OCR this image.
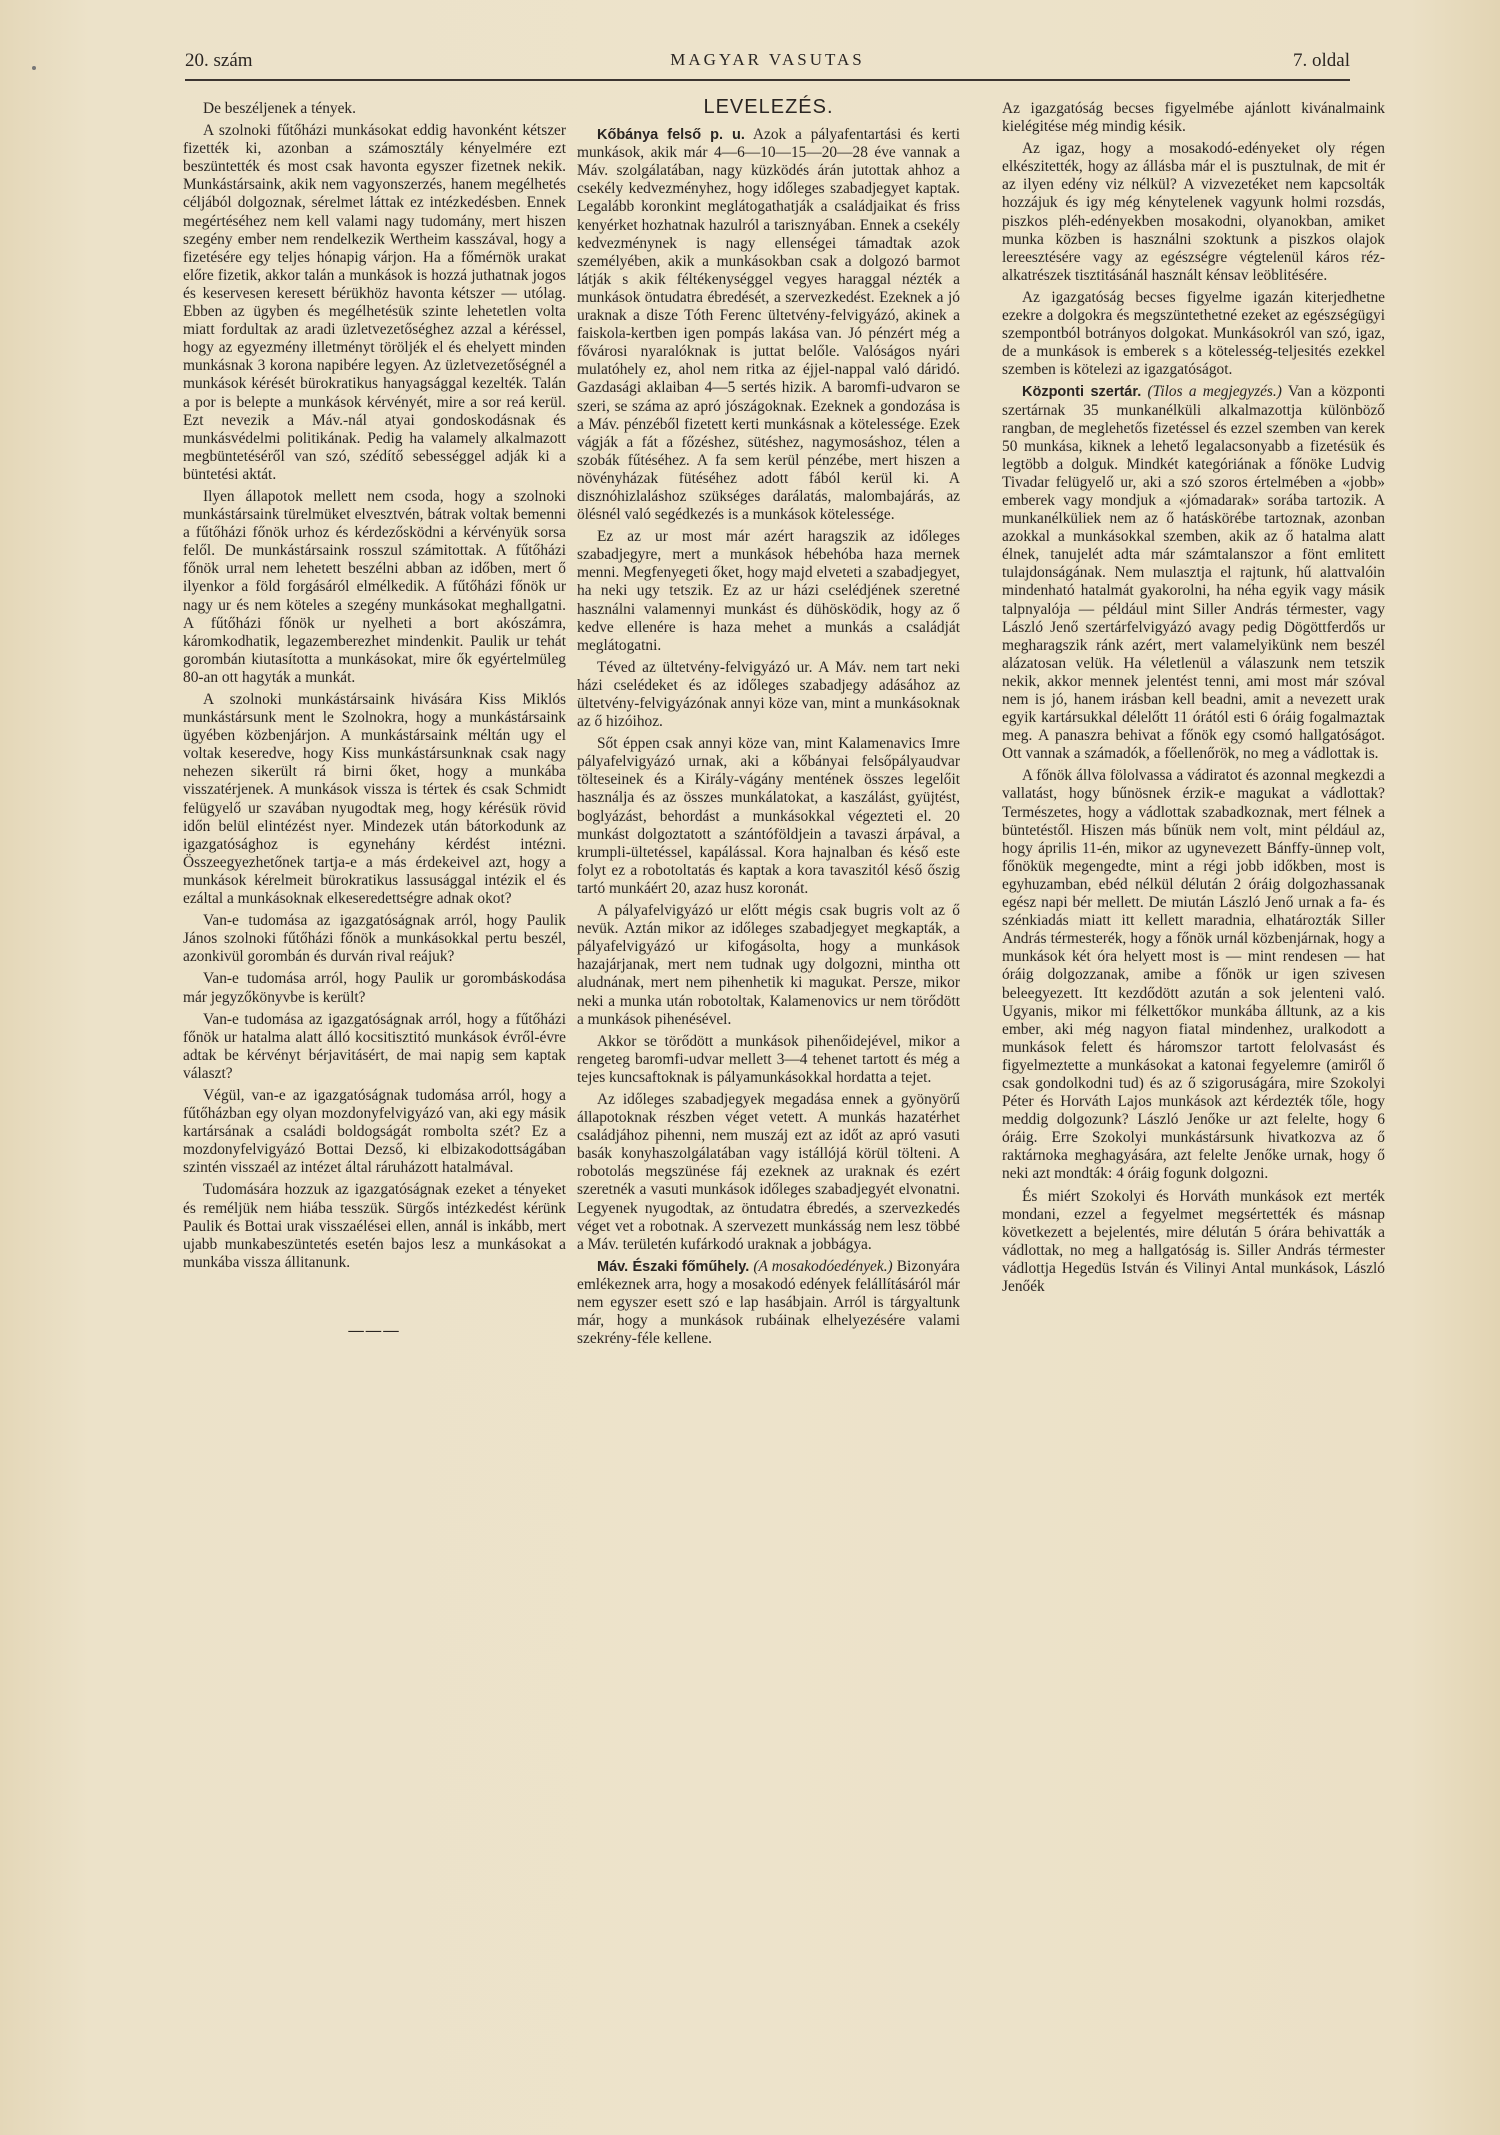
20. szám	MAGYAR VASUTAS	7. oldal

De beszéljenek a tények.

A szolnoki fűtőházi munkásokat eddig havonként kétszer fizették ki, azonban a számosztály kényelmére ezt beszüntették és most csak havonta egyszer fizetnek nekik. Munkástársaink, akik nem vagyonszerzés, hanem megélhetés céljából dolgoznak, sérelmet láttak ez intézkedésben. Ennek megértéséhez nem kell valami nagy tudomány, mert hiszen szegény ember nem rendelkezik Wertheim kasszával, hogy a fizetésére egy teljes hónapig várjon. Ha a főmérnök urakat előre fizetik, akkor talán a munkások is hozzá juthatnak jogos és keservesen keresett bérükhöz havonta kétszer — utólag. Ebben az ügyben és megélhetésük szinte lehetetlen volta miatt fordultak az aradi üzletvezetőséghez azzal a kéréssel, hogy az egyezmény illetményt töröljék el és ehelyett minden munkásnak 3 korona napibére legyen. Az üzletvezetőségnél a munkások kérését bürokratikus hanyagsággal kezelték. Talán a por is belepte a munkások kérvényét, mire a sor reá kerül. Ezt nevezik a Máv.-nál atyai gondoskodásnak és munkásvédelmi politikának. Pedig ha valamely alkalmazott megbüntetéséről van szó, szédítő sebességgel adják ki a büntetési aktát.

Ilyen állapotok mellett nem csoda, hogy a szolnoki munkástársaink türelmüket elvesztvén, bátrak voltak bemenni a fűtőházi főnök urhoz és kérdezősködni a kérvényük sorsa felől. De munkástársaink rosszul számitottak. A fűtőházi főnök urral nem lehetett beszélni abban az időben, mert ő ilyenkor a föld forgásáról elmélkedik. A fűtőházi főnök ur nagy ur és nem köteles a szegény munkásokat meghallgatni. A fűtőházi főnök ur nyelheti a bort akószámra, káromkodhatik, legazemberezhet mindenkit. Paulik ur tehát gorombán kiutasította a munkásokat, mire ők egyértelmüleg 80-an ott hagyták a munkát.

A szolnoki munkástársaink hivására Kiss Miklós munkástársunk ment le Szolnokra, hogy a munkástársaink ügyében közbenjárjon. A munkástársaink méltán ugy el voltak keseredve, hogy Kiss munkástársunknak csak nagy nehezen sikerült rá birni őket, hogy a munkába visszatérjenek. A munkások vissza is tértek és csak Schmidt felügyelő ur szavában nyugodtak meg, hogy kérésük rövid időn belül elintézést nyer. Mindezek után bátorkodunk az igazgatósághoz is egynehány kérdést intézni. Összeegyezhetőnek tartja-e a más érdekeivel azt, hogy a munkások kérelmeit bürokratikus lassusággal intézik el és ezáltal a munkásoknak elkeseredettségre adnak okot?

Van-e tudomása az igazgatóságnak arról, hogy Paulik János szolnoki fűtőházi főnök a munkásokkal pertu beszél, azonkivül gorombán és durván rival reájuk?

Van-e tudomása arról, hogy Paulik ur gorombáskodása már jegyzőkönyvbe is került?

Van-e tudomása az igazgatóságnak arról, hogy a fűtőházi főnök ur hatalma alatt álló kocsitisztitó munkások évről-évre adtak be kérvényt bérjavitásért, de mai napig sem kaptak választ?

Végül, van-e az igazgatóságnak tudomása arról, hogy a fűtőházban egy olyan mozdonyfelvigyázó van, aki egy másik kartársának a családi boldogságát rombolta szét? Ez a mozdonyfelvigyázó Bottai Dezső, ki elbizakodottságában szintén visszaél az intézet által ráruházott hatalmával.

Tudomására hozzuk az igazgatóságnak ezeket a tényeket és reméljük nem hiába tesszük. Sürgős intézkedést kérünk Paulik és Bottai urak visszaélései ellen, annál is inkább, mert ujabb munkabeszüntetés esetén bajos lesz a munkásokat a munkába vissza állitanunk.

———
LEVELEZÉS.

Kőbánya felső p. u. Azok a pályafentartási és kerti munkások, akik már 4—6—10—15—20—28 éve vannak a Máv. szolgálatában, nagy küzködés árán jutottak ahhoz a csekély kedvezményhez, hogy időleges szabadjegyet kaptak. Legalább koronkint meglátogathatják a családjaikat és friss kenyérket hozhatnak hazulról a tarisznyában. Ennek a csekély kedvezménynek is nagy ellenségei támadtak azok személyében, akik a munkásokban csak a dolgozó barmot látják s akik féltékenységgel vegyes haraggal nézték a munkások öntudatra ébredését, a szervezkedést. Ezeknek a jó uraknak a disze Tóth Ferenc ültetvény-felvigyázó, akinek a faiskola-kertben igen pompás lakása van. Jó pénzért még a fővárosi nyaralóknak is juttat belőle. Valóságos nyári mulatóhely ez, ahol nem ritka az éjjel-nappal való dáridó. Gazdasági aklaiban 4—5 sertés hizik. A baromfi-udvaron se szeri, se száma az apró jószágoknak. Ezeknek a gondozása is a Máv. pénzéből fizetett kerti munkásnak a kötelessége. Ezek vágják a fát a főzéshez, sütéshez, nagymosáshoz, télen a szobák fűtéséhez. A fa sem kerül pénzébe, mert hiszen a növényházak fütéséhez adott fából kerül ki. A disznóhizlaláshoz szükséges darálatás, malombajárás, az ölésnél való segédkezés is a munkások kötelessége.

Ez az ur most már azért haragszik az időleges szabadjegyre, mert a munkások hébehóba haza mernek menni. Megfenyegeti őket, hogy majd elveteti a szabadjegyet, ha neki ugy tetszik. Ez az ur házi cselédjének szeretné használni valamennyi munkást és dühösködik, hogy az ő kedve ellenére is haza mehet a munkás a családját meglátogatni.

Téved az ültetvény-felvigyázó ur. A Máv. nem tart neki házi cselédeket és az időleges szabadjegy adásához az ültetvény-felvigyázónak annyi köze van, mint a munkásoknak az ő hizóihoz.

Sőt éppen csak annyi köze van, mint Kalamenavics Imre pályafelvigyázó urnak, aki a kőbányai felsőpályaudvar tölteseinek és a Király-vágány mentének összes legelőit használja és az összes munkálatokat, a kaszálást, gyüjtést, boglyázást, behordást a munkásokkal végezteti el. 20 munkást dolgoztatott a szántóföldjein a tavaszi árpával, a krumpli-ültetéssel, kapálással. Kora hajnalban és késő este folyt ez a robotoltatás és kaptak a kora tavaszitól késő őszig tartó munkáért 20, azaz husz koronát.

A pályafelvigyázó ur előtt mégis csak bugris volt az ő nevük. Aztán mikor az időleges szabadjegyet megkapták, a pályafelvigyázó ur kifogásolta, hogy a munkások hazajárjanak, mert nem tudnak ugy dolgozni, mintha ott aludnának, mert nem pihenhetik ki magukat. Persze, mikor neki a munka után robotoltak, Kalamenovics ur nem törődött a munkások pihenésével.

Akkor se törődött a munkások pihenőidejével, mikor a rengeteg baromfi-udvar mellett 3—4 tehenet tartott és még a tejes kuncsaftoknak is pályamunkásokkal hordatta a tejet.

Az időleges szabadjegyek megadása ennek a gyönyörű állapotoknak részben véget vetett. A munkás hazatérhet családjához pihenni, nem muszáj ezt az időt az apró vasuti basák konyhaszolgálatában vagy istállójá körül tölteni. A robotolás megszünése fáj ezeknek az uraknak és ezért szeretnék a vasuti munkások időleges szabadjegyét elvonatni. Legyenek nyugodtak, az öntudatra ébredés, a szervezkedés véget vet a robotnak. A szervezett munkásság nem lesz többé a Máv. területén kufárkodó uraknak a jobbágya.

Máv. Északi főműhely. (A mosakodóedények.) Bizonyára emlékeznek arra, hogy a mosakodó edények felállításáról már nem egyszer esett szó e lap hasábjain. Arról is tárgyaltunk már, hogy a munkások rubáinak elhelyezésére valami szekrény-féle kellene.

Az igazgatóság becses figyelmébe ajánlott kivánalmaink kielégitése még mindig késik.

Az igaz, hogy a mosakodó-edényeket oly régen elkészitették, hogy az állásba már el is pusztulnak, de mit ér az ilyen edény viz nélkül? A vizvezetéket nem kapcsolták hozzájuk és igy még kénytelenek vagyunk holmi rozsdás, piszkos pléh-edényekben mosakodni, olyanokban, amiket munka közben is használni szoktunk a piszkos olajok lereesztésére vagy az egészségre végtelenül káros réz-alkatrészek tisztitásánál használt kénsav leöblitésére.

Az igazgatóság becses figyelme igazán kiterjedhetne ezekre a dolgokra és megszüntethetné ezeket az egészségügyi szempontból botrányos dolgokat. Munkásokról van szó, igaz, de a munkások is emberek s a kötelesség-teljesités ezekkel szemben is kötelezi az igazgatóságot.

Központi szertár. (Tilos a megjegyzés.) Van a központi szertárnak 35 munkanélküli alkalmazottja különböző rangban, de meglehetős fizetéssel és ezzel szemben van kerek 50 munkása, kiknek a lehető legalacsonyabb a fizetésük és legtöbb a dolguk. Mindkét kategóriának a főnöke Ludvig Tivadar felügyelő ur, aki a szó szoros értelmében a «jobb» emberek vagy mondjuk a «jómadarak» sorába tartozik. A munkanélküliek nem az ő hatáskörébe tartoznak, azonban azokkal a munkásokkal szemben, akik az ő hatalma alatt élnek, tanujelét adta már számtalanszor a fönt emlitett tulajdonságának. Nem mulasztja el rajtunk, hű alattvalóin mindenható hatalmát gyakorolni, ha néha egyik vagy másik talpnyalója — például mint Siller András térmester, vagy László Jenő szertárfelvigyázó avagy pedig Dögöttferdős ur megharagszik ránk azért, mert valamelyikünk nem beszél alázatosan velük. Ha véletlenül a válaszunk nem tetszik nekik, akkor mennek jelentést tenni, ami most már szóval nem is jó, hanem irásban kell beadni, amit a nevezett urak egyik kartársukkal délelőtt 11 órától esti 6 óráig fogalmaztak meg. A panaszra behivat a főnök egy csomó hallgatóságot. Ott vannak a számadók, a főellenőrök, no meg a vádlottak is.

A főnök állva fölolvassa a vádiratot és azonnal megkezdi a vallatást, hogy bűnösnek érzik-e magukat a vádlottak? Természetes, hogy a vádlottak szabadkoznak, mert félnek a büntetéstől. Hiszen más bűnük nem volt, mint például az, hogy április 11-én, mikor az ugynevezett Bánffy-ünnep volt, főnökük megengedte, mint a régi jobb időkben, most is egyhuzamban, ebéd nélkül délután 2 óráig dolgozhassanak egész napi bér mellett. De miután László Jenő urnak a fa- és szénkiadás miatt itt kellett maradnia, elhatározták Siller András térmesterék, hogy a főnök urnál közbenjárnak, hogy a munkások két óra helyett most is — mint rendesen — hat óráig dolgozzanak, amibe a főnök ur igen szivesen beleegyezett. Itt kezdődött azután a sok jelenteni való. Ugyanis, mikor mi félkettőkor munkába álltunk, az a kis ember, aki még nagyon fiatal mindenhez, uralkodott a munkások felett és háromszor tartott felolvasást és figyelmeztette a munkásokat a katonai fegyelemre (amiről ő csak gondolkodni tud) és az ő szigoruságára, mire Szokolyi Péter és Horváth Lajos munkások azt kérdezték tőle, hogy meddig dolgozunk? László Jenőke ur azt felelte, hogy 6 óráig. Erre Szokolyi munkástársunk hivatkozva az ő raktárnoka meghagyására, azt felelte Jenőke urnak, hogy ő neki azt mondták: 4 óráig fogunk dolgozni.

És miért Szokolyi és Horváth munkások ezt merték mondani, ezzel a fegyelmet megsértették és másnap következett a bejelentés, mire délután 5 órára behivatták a vádlottak, no meg a hallgatóság is. Siller András térmester vádlottja Hegedüs István és Vilinyi Antal munkások, László Jenőék
